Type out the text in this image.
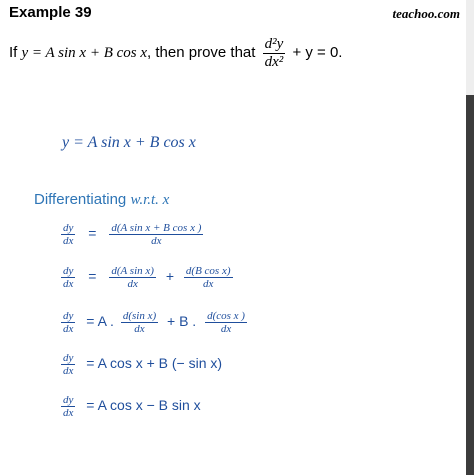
Example 39	teachoo.com
If y = A sin x + B cos x, then prove that $\frac{\text{d²y}}{\text{dx²}} + y = 0$.
y = A sin x + B cos x
Differentiating w.r.t. x
$\frac{dy}{dx} = \frac{\text{d(A sin x + B cos x )}}{dx}$
$\frac{dy}{dx} = \frac{\text{d(A sin x)}}{dx} + \frac{\text{d(B cos x)}}{dx}$
$\frac{dy}{dx} = A$ . $\frac{\text{d(sin x)}}{dx} + B$ . $\frac{\text{d(cos x )}}{dx}$
$\frac{dy}{dx} = A$ cos x + B (− sin x)
$\frac{dy}{dx} = A$ cos x − B sin x
